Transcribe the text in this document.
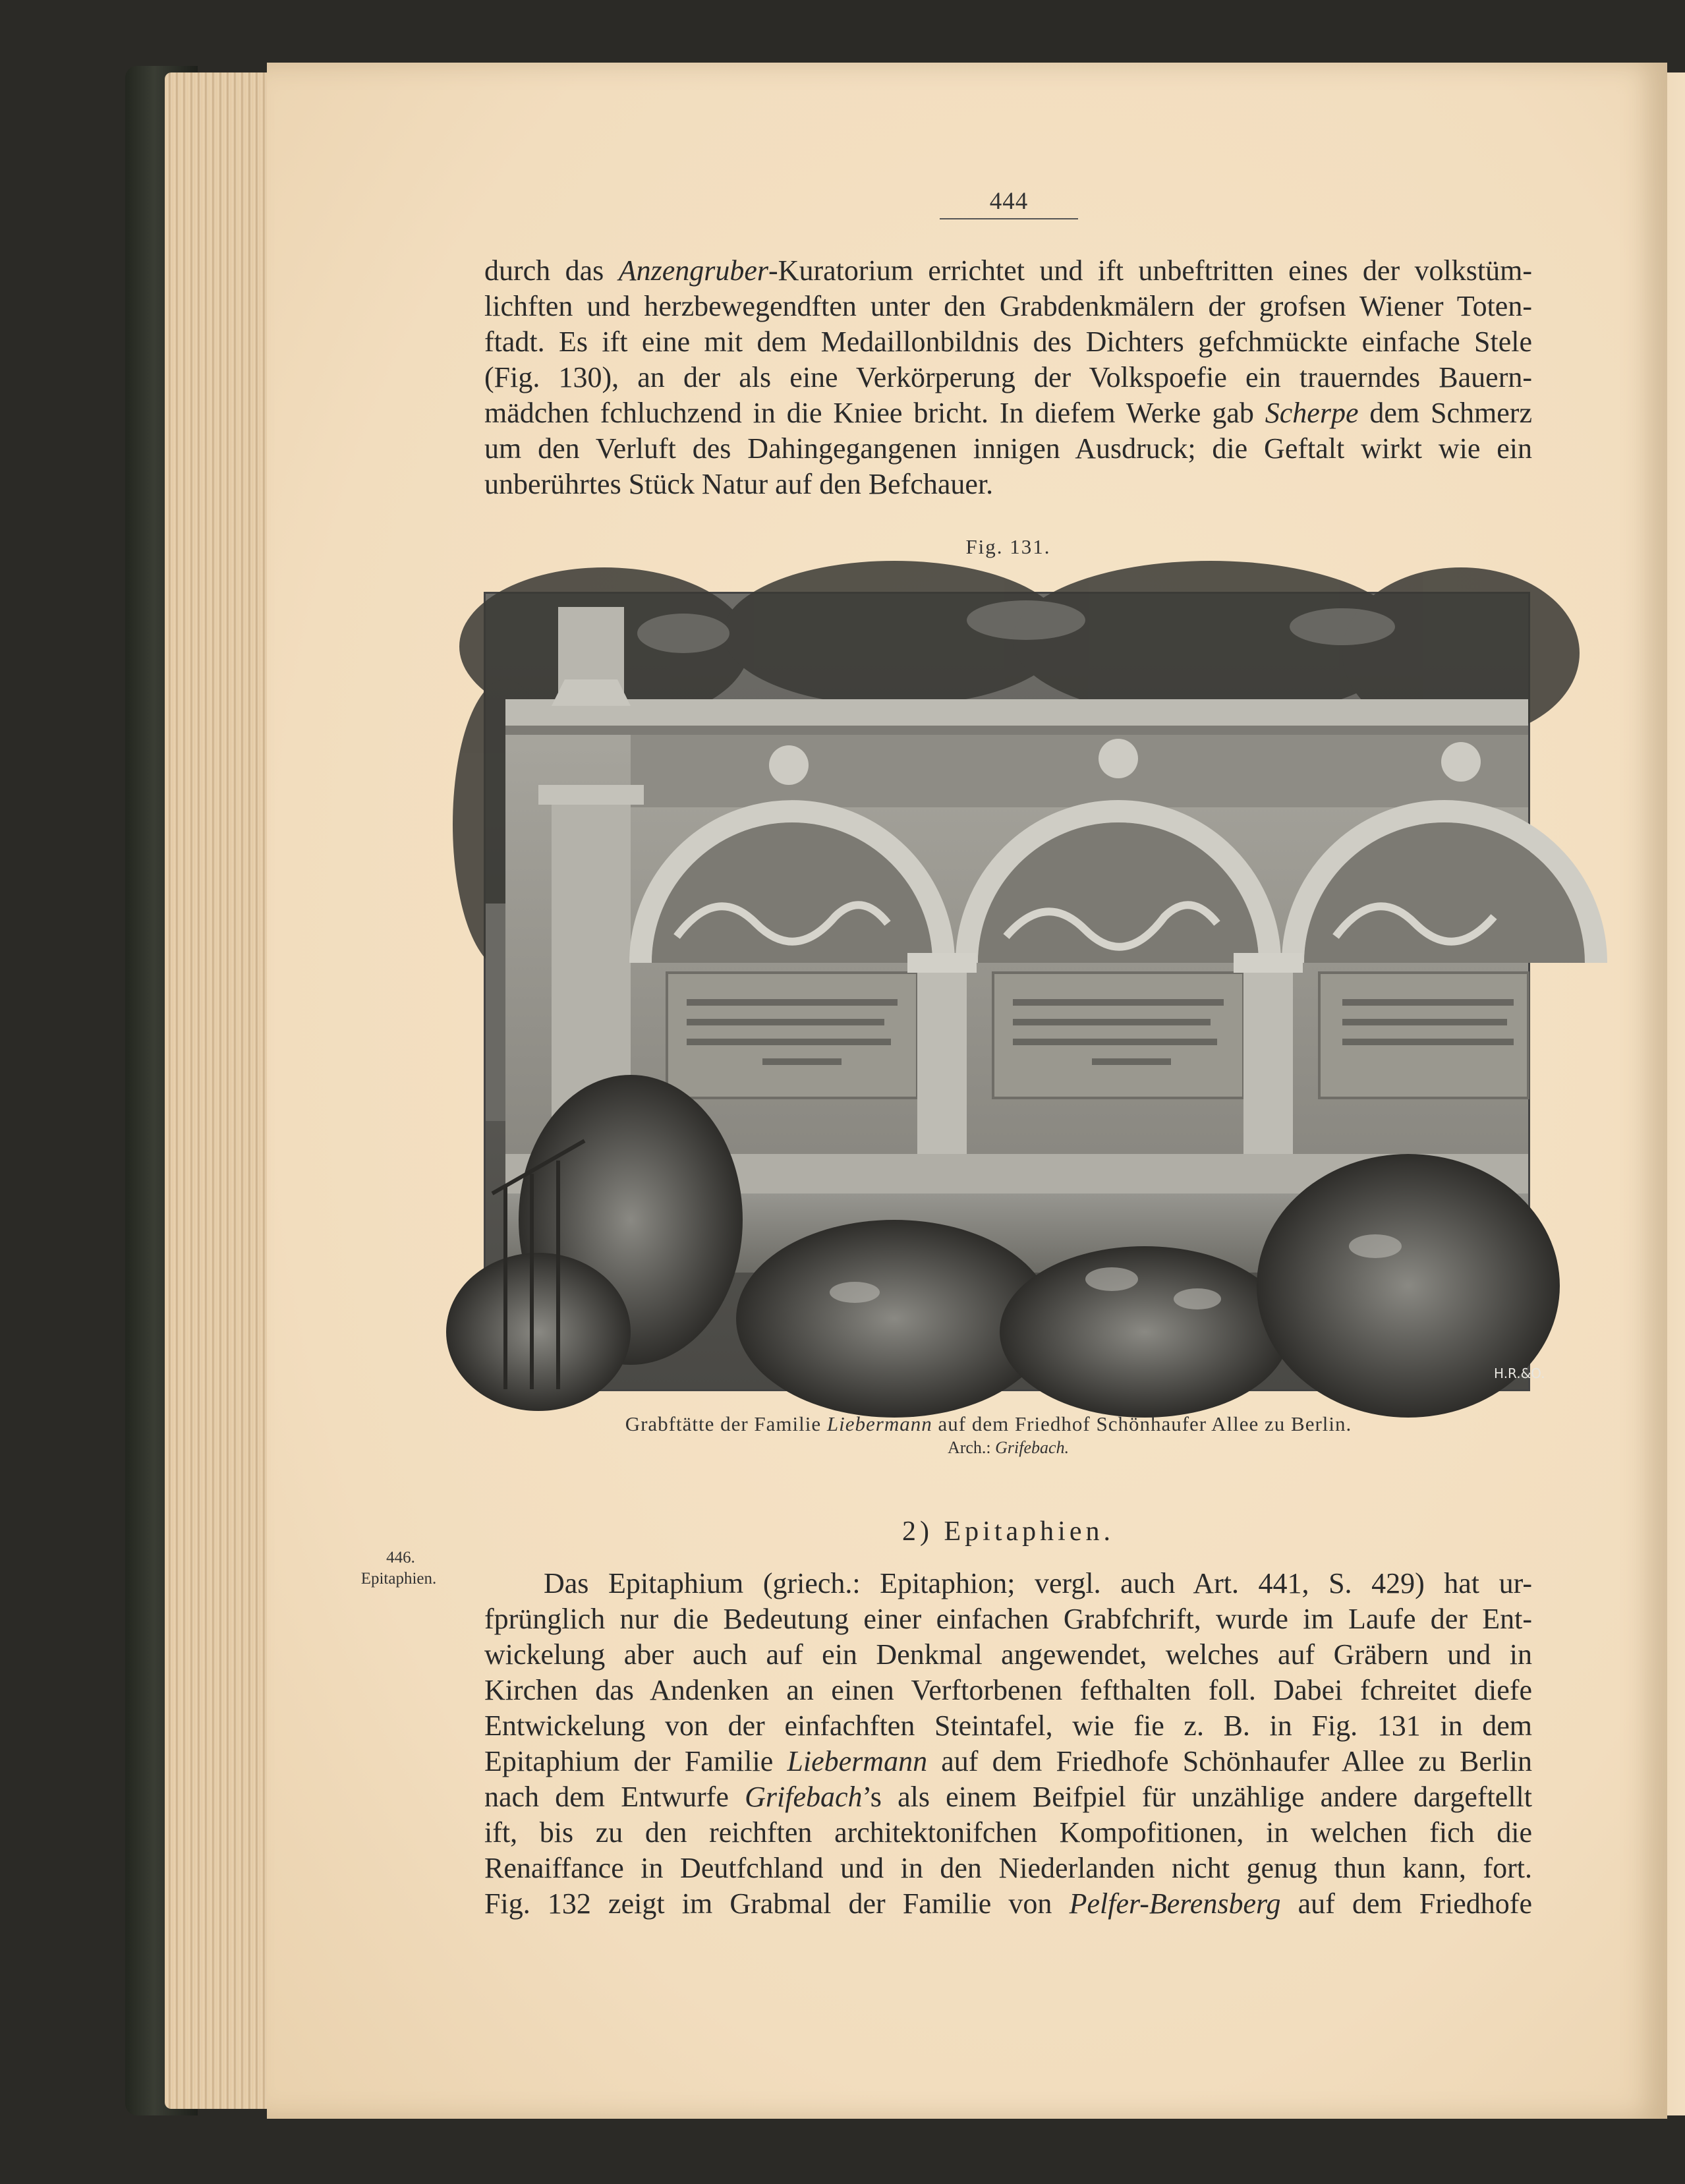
444
durch das Anzengruber-Kuratorium errichtet und ift unbeftritten eines der volkstüm-
lichften und herzbewegendften unter den Grabdenkmälern der grofsen Wiener Toten-
ftadt. Es ift eine mit dem Medaillonbildnis des Dichters gefchmückte einfache Stele
(Fig. 130), an der als eine Verkörperung der Volkspoefie ein trauerndes Bauern-
mädchen fchluchzend in die Kniee bricht. In diefem Werke gab Scherpe dem Schmerz
um den Verluft des Dahingegangenen innigen Ausdruck; die Geftalt wirkt wie ein
unberührtes Stück Natur auf den Befchauer.
Fig. 131.
H.R.&O.
Grabftätte der Familie Liebermann auf dem Friedhof Schönhaufer Allee zu Berlin.
Arch.: Grifebach.
2) Epitaphien.
446.
Epitaphien.	Das Epitaphium (griech.: Epitaphion; vergl. auch Art. 441, S. 429) hat ur-
fprünglich nur die Bedeutung einer einfachen Grabfchrift, wurde im Laufe der Ent-
wickelung aber auch auf ein Denkmal angewendet, welches auf Gräbern und in
Kirchen das Andenken an einen Verftorbenen fefthalten foll. Dabei fchreitet diefe
Entwickelung von der einfachften Steintafel, wie fie z. B. in Fig. 131 in dem
Epitaphium der Familie Liebermann auf dem Friedhofe Schönhaufer Allee zu Berlin
nach dem Entwurfe Grifebach’s als einem Beifpiel für unzählige andere dargeftellt
ift, bis zu den reichften architektonifchen Kompofitionen, in welchen fich die
Renaiffance in Deutfchland und in den Niederlanden nicht genug thun kann, fort.
Fig. 132 zeigt im Grabmal der Familie von Pelfer-Berensberg auf dem Friedhofe
